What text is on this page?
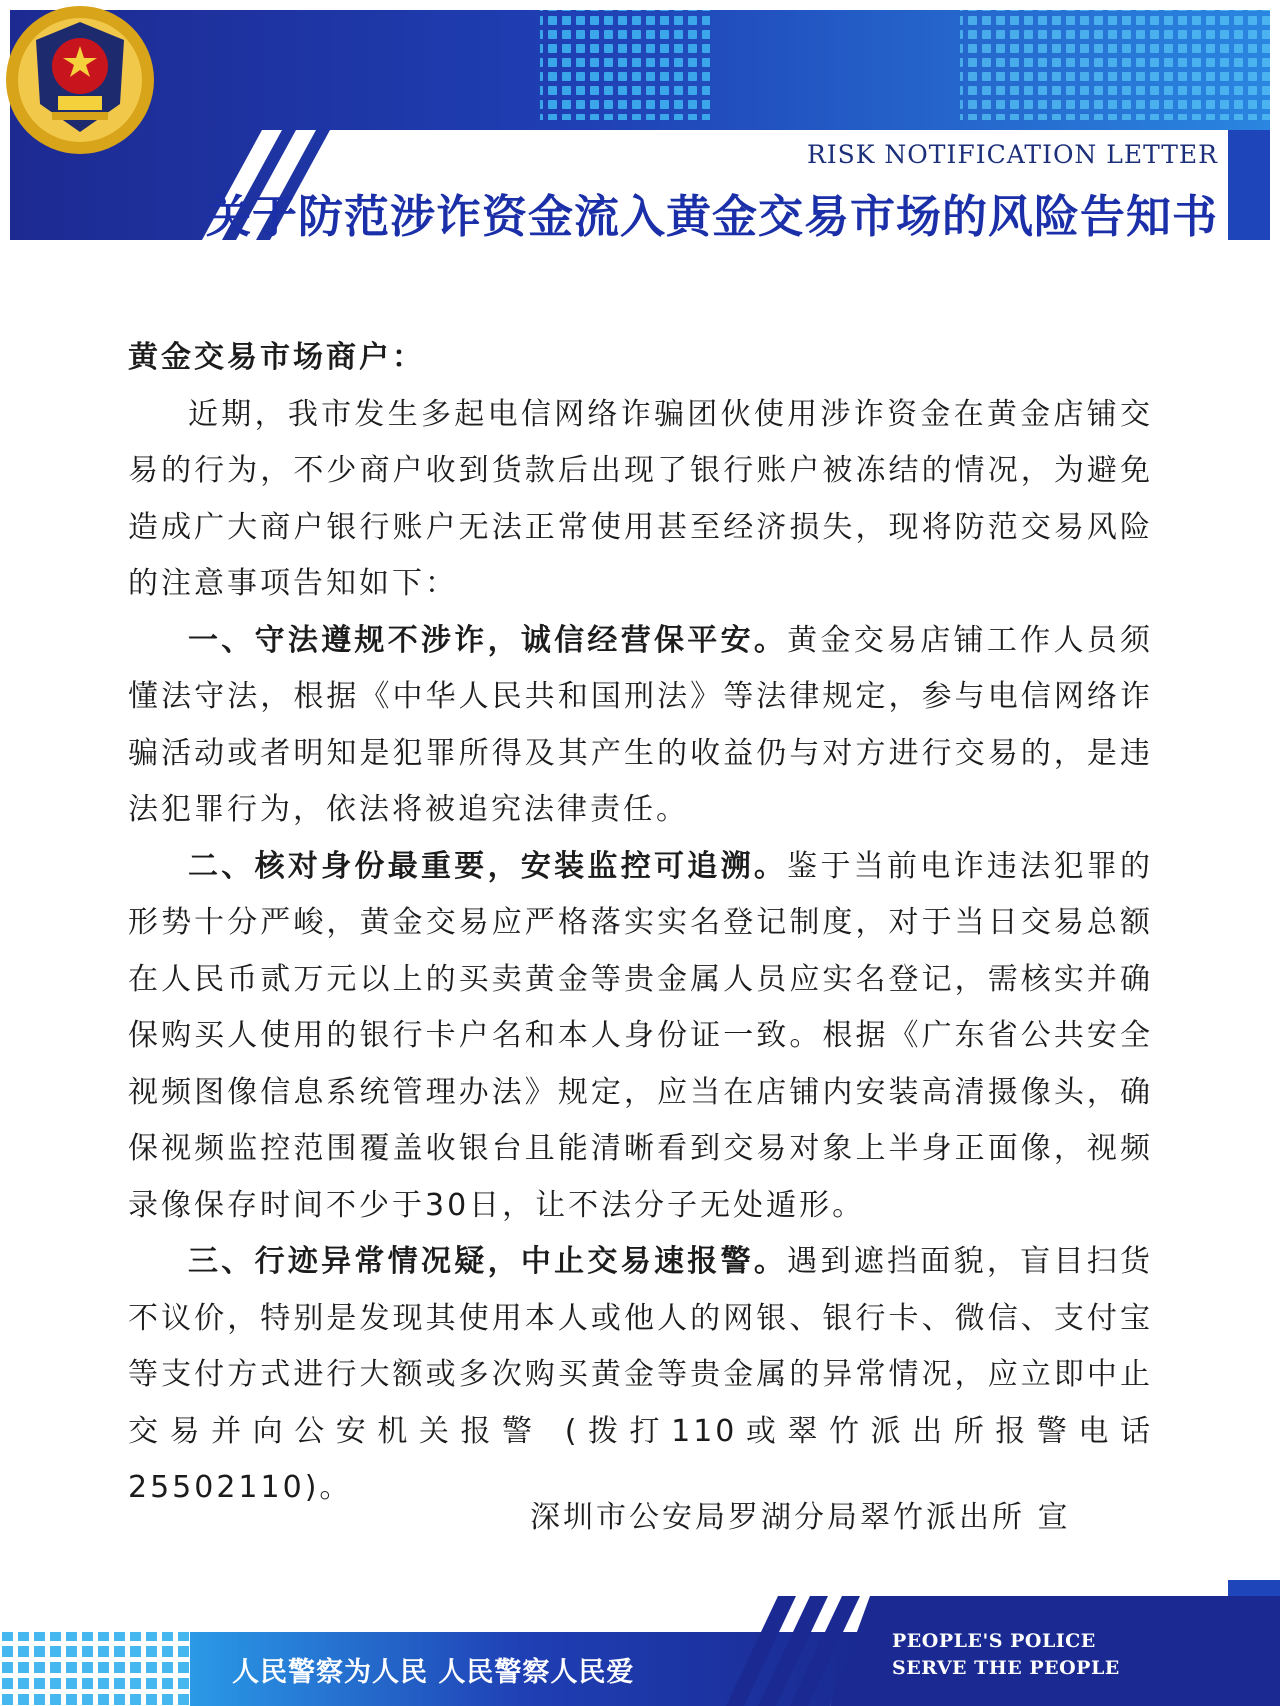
RISK NOTIFICATION LETTER
关于防范涉诈资金流入黄金交易市场的风险告知书

黄金交易市场商户：

近期，我市发生多起电信网络诈骗团伙使用涉诈资金在黄金店铺交易的行为，不少商户收到货款后出现了银行账户被冻结的情况，为避免造成广大商户银行账户无法正常使用甚至经济损失，现将防范交易风险的注意事项告知如下：

一、守法遵规不涉诈，诚信经营保平安。黄金交易店铺工作人员须懂法守法，根据《中华人民共和国刑法》等法律规定，参与电信网络诈骗活动或者明知是犯罪所得及其产生的收益仍与对方进行交易的，是违法犯罪行为，依法将被追究法律责任。

二、核对身份最重要，安装监控可追溯。鉴于当前电诈违法犯罪的形势十分严峻，黄金交易应严格落实实名登记制度，对于当日交易总额在人民币贰万元以上的买卖黄金等贵金属人员应实名登记，需核实并确保购买人使用的银行卡户名和本人身份证一致。根据《广东省公共安全视频图像信息系统管理办法》规定，应当在店铺内安装高清摄像头，确保视频监控范围覆盖收银台且能清晰看到交易对象上半身正面像，视频录像保存时间不少于30日，让不法分子无处遁形。

三、行迹异常情况疑，中止交易速报警。遇到遮挡面貌，盲目扫货不议价，特别是发现其使用本人或他人的网银、银行卡、微信、支付宝等支付方式进行大额或多次购买黄金等贵金属的异常情况，应立即中止交易并向公安机关报警 (拨打110或翠竹派出所报警电话25502110)。

深圳市公安局罗湖分局翠竹派出所 宣
人民警察为人民 人民警察人民爱
PEOPLE'S POLICE
SERVE THE PEOPLE
